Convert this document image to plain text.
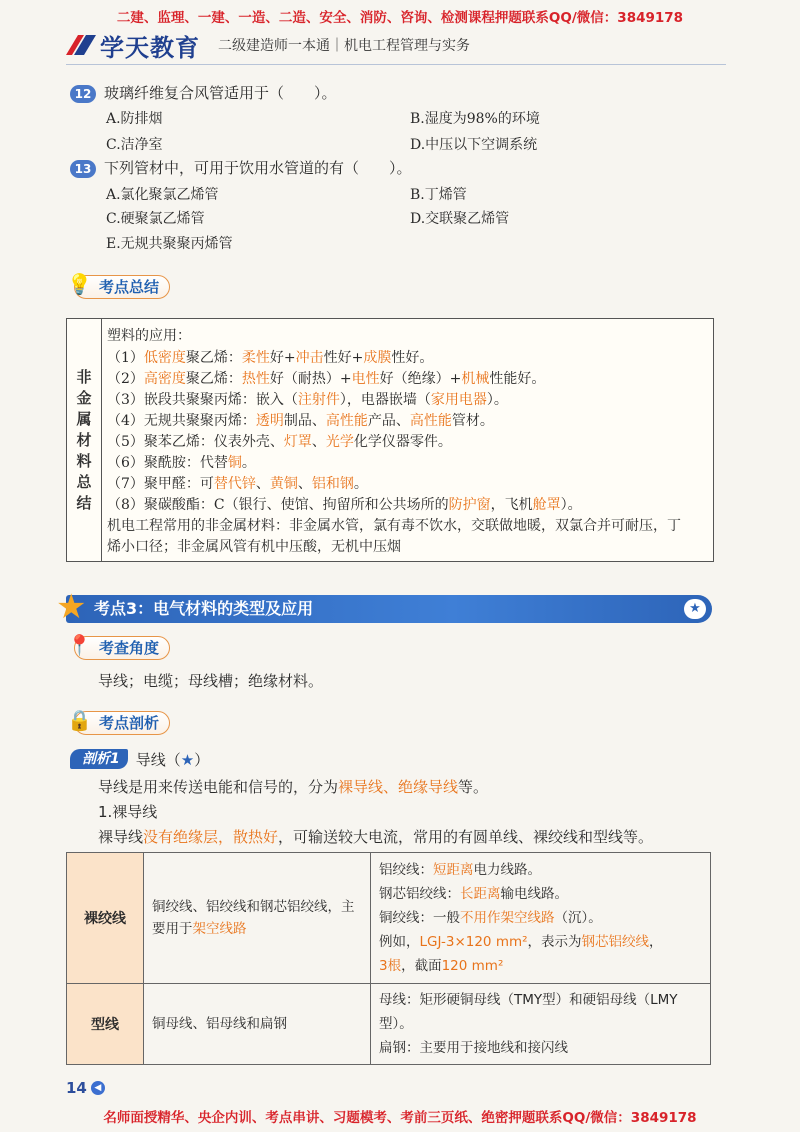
二建、监理、一建、一造、二造、安全、消防、咨询、检测课程押题联系QQ/微信：3849178
学天教育 二级建造师一本通｜机电工程管理与实务
12 玻璃纤维复合风管适用于（　　）。
A.防排烟	B.湿度为98%的环境
C.洁净室	D.中压以下空调系统
13 下列管材中，可用于饮用水管道的有（　　）。
A.氯化聚氯乙烯管	B.丁烯管
C.硬聚氯乙烯管	D.交联聚乙烯管
E.无规共聚聚丙烯管
💡 考点总结
非
金
属
材
料
总
结
塑料的应用：
（1）低密度聚乙烯：柔性好+冲击性好+成膜性好。
（2）高密度聚乙烯：热性好（耐热）+电性好（绝缘）+机械性能好。
（3）嵌段共聚聚丙烯：嵌入（注射件），电器嵌墙（家用电器）。
（4）无规共聚聚丙烯：透明制品、高性能产品、高性能管材。
（5）聚苯乙烯：仪表外壳、灯罩、光学化学仪器零件。
（6）聚酰胺：代替铜。
（7）聚甲醛：可替代锌、黄铜、铝和钢。
（8）聚碳酸酯：C（银行、使馆、拘留所和公共场所的防护窗，飞机舱罩）。
机电工程常用的非金属材料：非金属水管，氯有毒不饮水，交联做地暖，双氯合并可耐压，丁
烯小口径；非金属风管有机中压酸，无机中压烟
★ 考点3：电气材料的类型及应用	★
📍 考查角度
导线；电缆；母线槽；绝缘材料。
🔒 考点剖析
剖析1	导线（★）
导线是用来传送电能和信号的，分为裸导线、绝缘导线等。
1.裸导线
裸导线没有绝缘层，散热好，可输送较大电流，常用的有圆单线、裸绞线和型线等。
裸绞线	铜绞线、铝绞线和钢芯铝绞线，主要用于架空线路	铝绞线：短距离电力线路。
钢芯铝绞线：长距离输电线路。
铜绞线：一般不用作架空线路（沉）。
例如，LGJ-3×120 mm²，表示为钢芯铝绞线，
3根，截面120 mm²

型线	铜母线、铝母线和扁钢	母线：矩形硬铜母线（TMY型）和硬铝母线（LMY型）。
扁钢：主要用于接地线和接闪线
14 ◀
名师面授精华、央企内训、考点串讲、习题模考、考前三页纸、绝密押题联系QQ/微信：3849178
